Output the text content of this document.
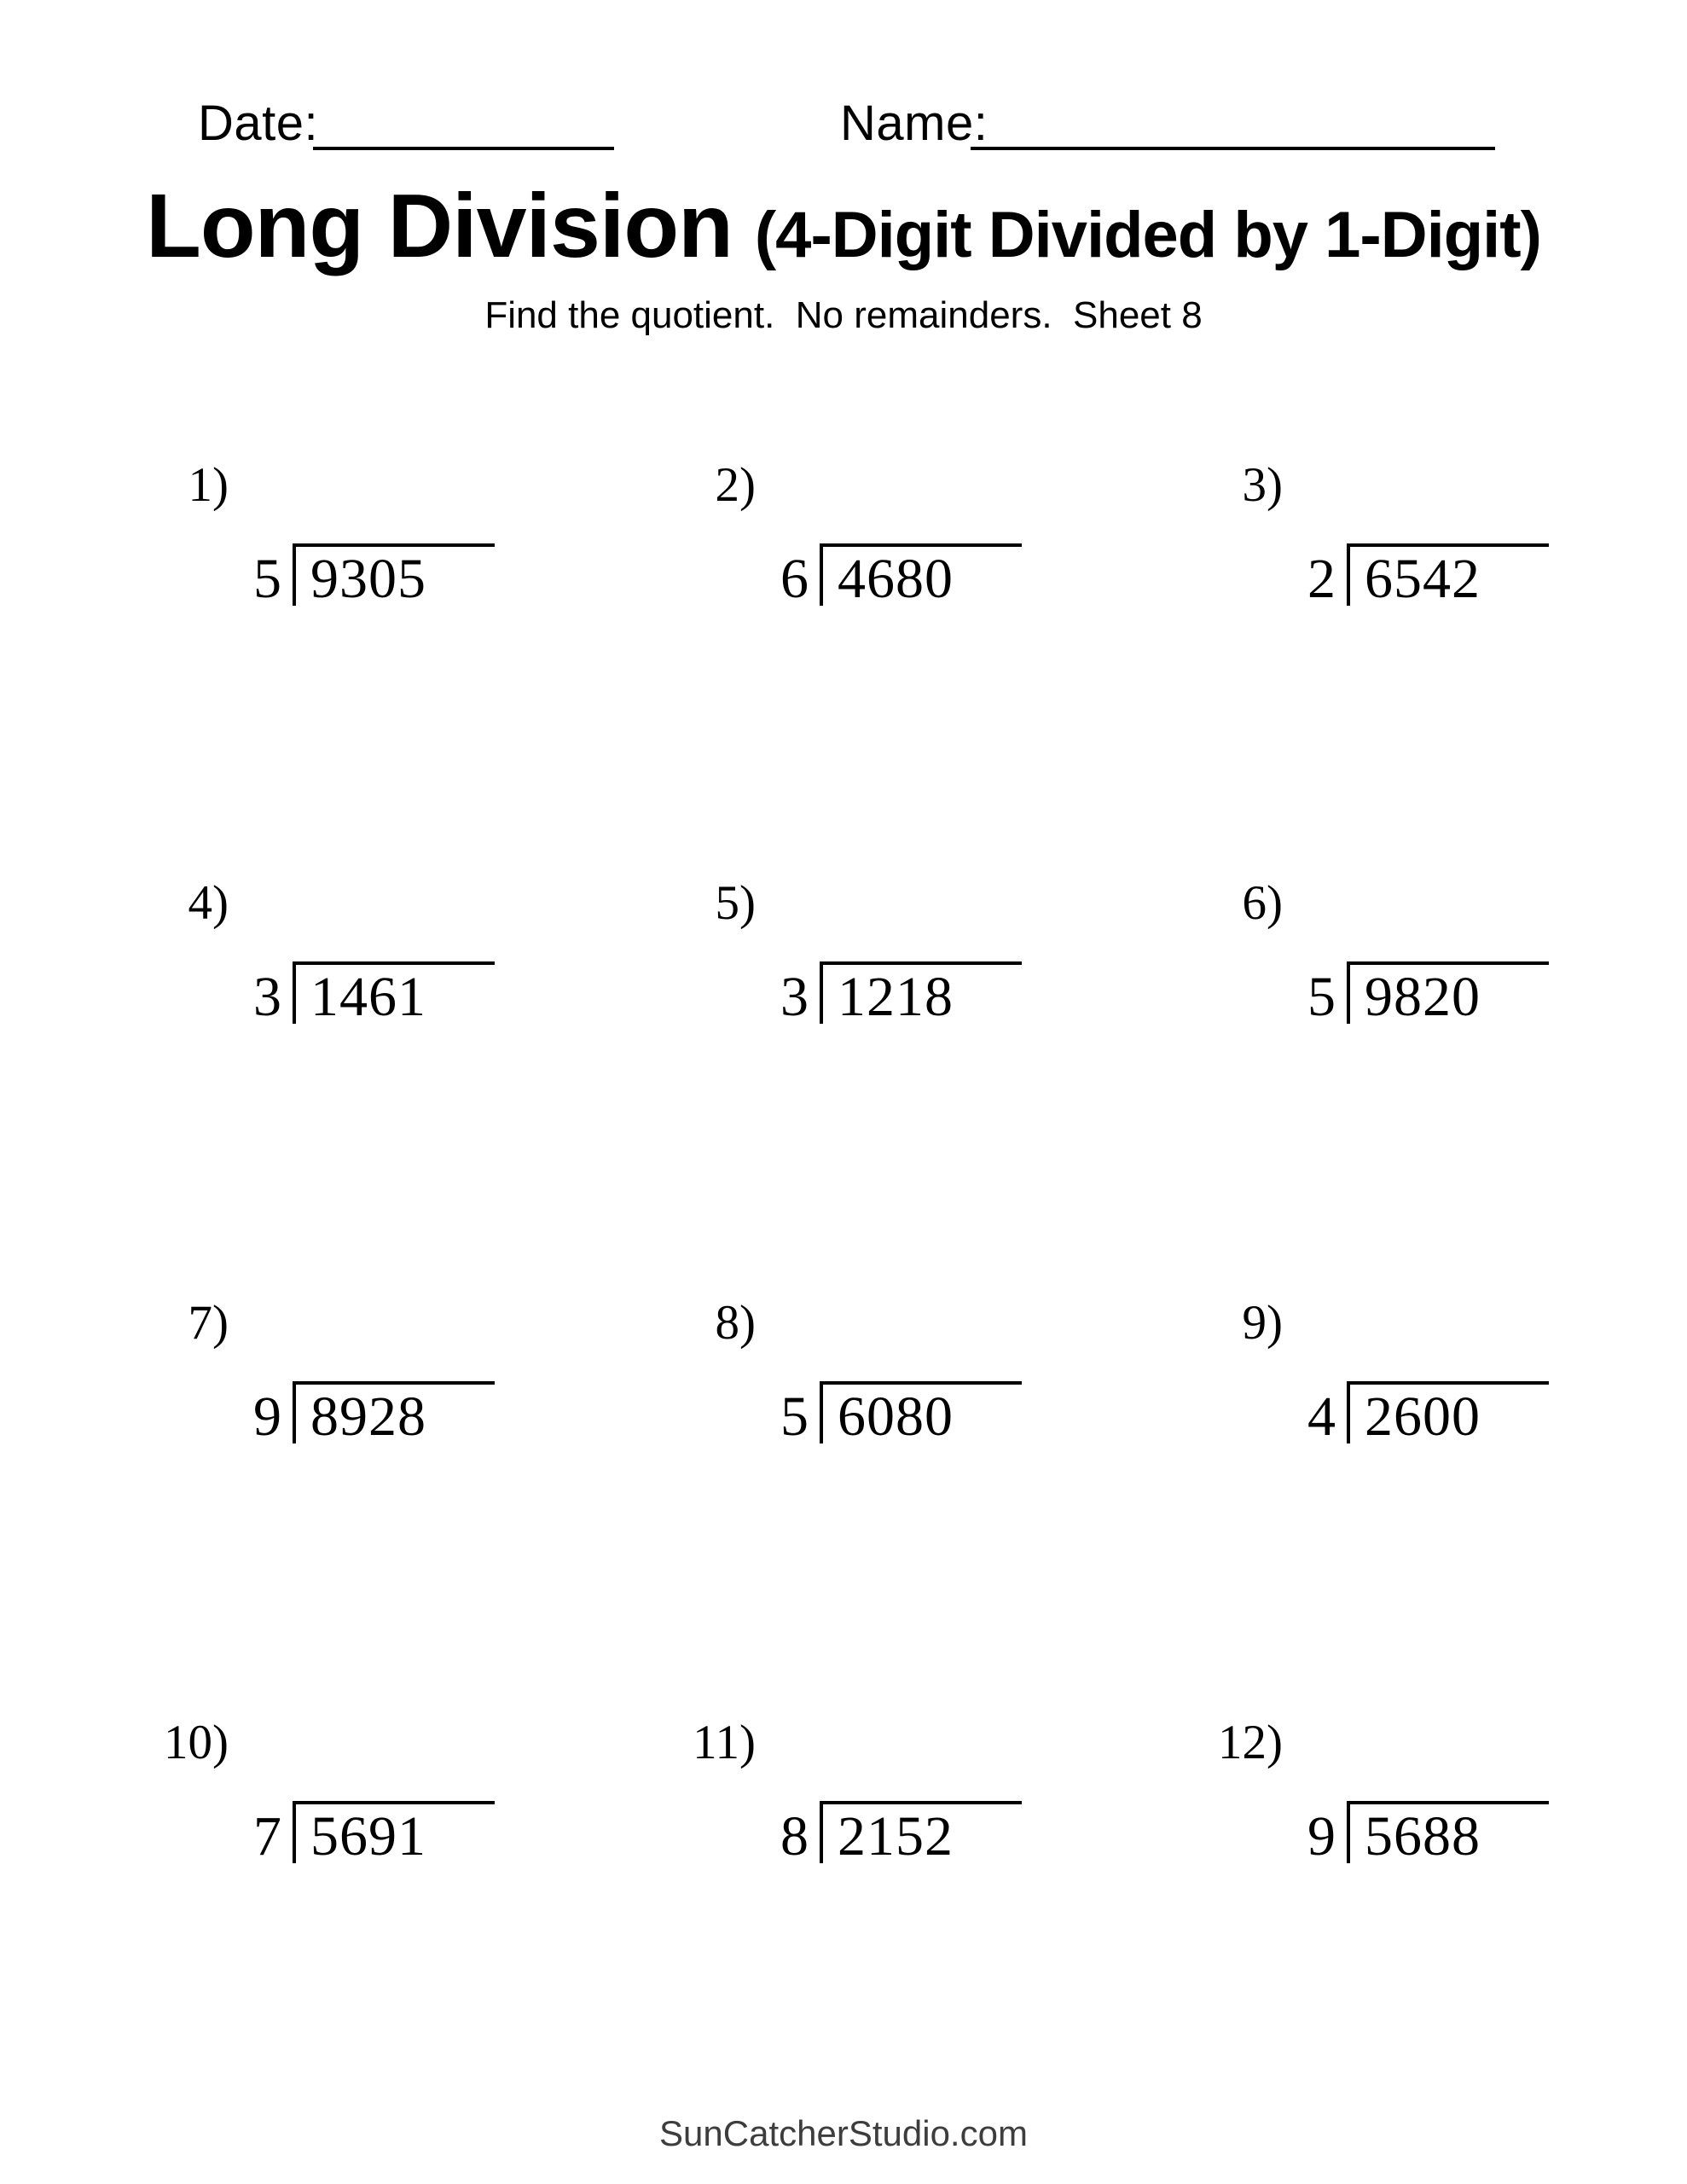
Date:	Name:
Long Division (4-Digit Divided by 1-Digit)
Find the quotient.  No remainders.  Sheet 8
1)
5 9305
2)
6 4680
3)
2 6542
4)
3 1461
5)
3 1218
6)
5 9820
7)
9 8928
8)
5 6080
9)
4 2600
10)
7 5691
11)
8 2152
12)
9 5688
SunCatcherStudio.com
